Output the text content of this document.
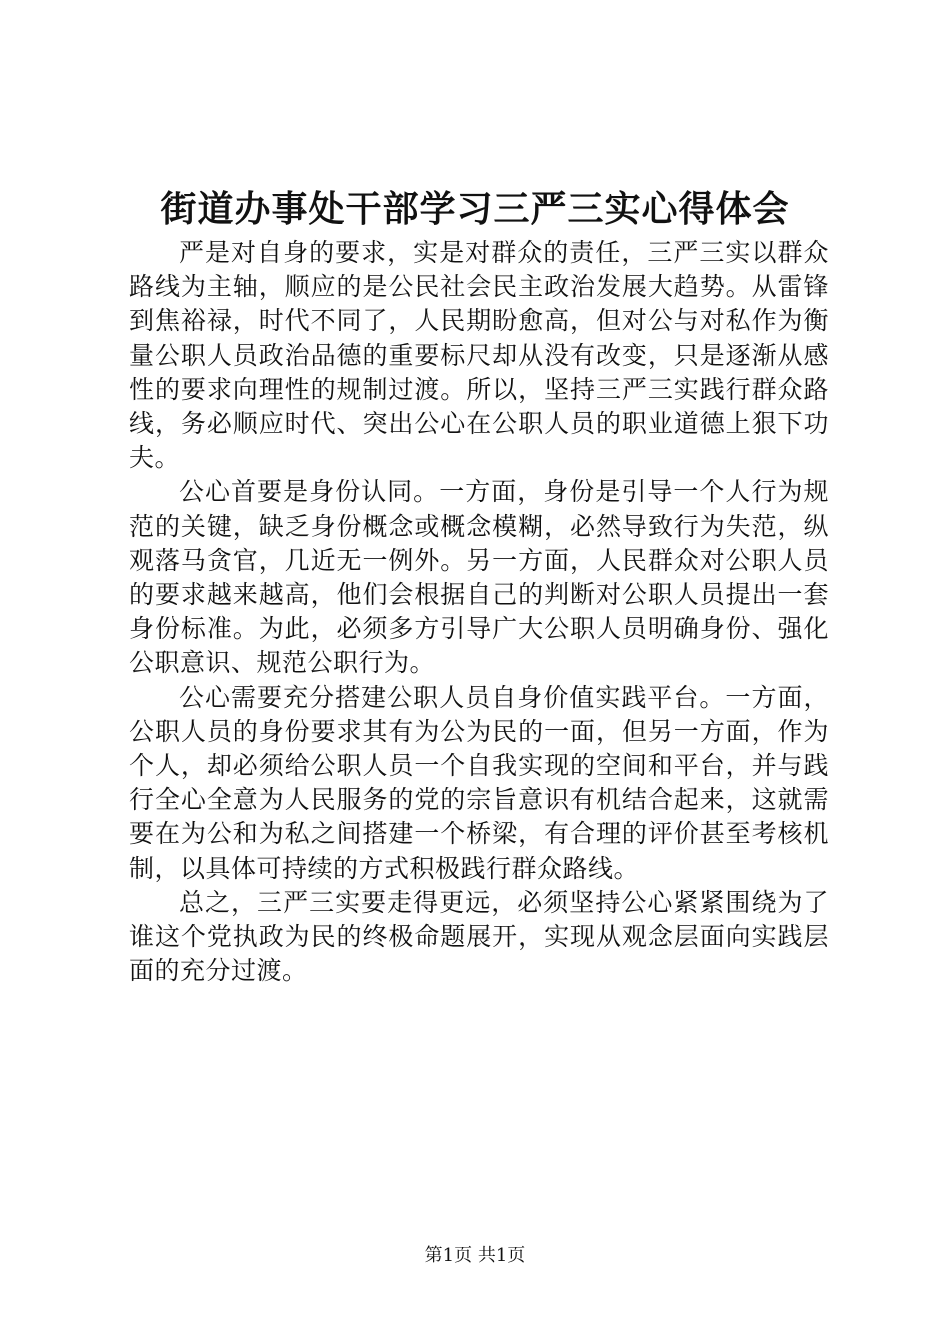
街道办事处干部学习三严三实心得体会

严是对自身的要求，实是对群众的责任，三严三实以群众路线为主轴，顺应的是公民社会民主政治发展大趋势。从雷锋到焦裕禄，时代不同了，人民期盼愈高，但对公与对私作为衡量公职人员政治品德的重要标尺却从没有改变，只是逐渐从感性的要求向理性的规制过渡。所以，坚持三严三实践行群众路线，务必顺应时代、突出公心在公职人员的职业道德上狠下功夫。

公心首要是身份认同。一方面，身份是引导一个人行为规范的关键，缺乏身份概念或概念模糊，必然导致行为失范，纵观落马贪官，几近无一例外。另一方面，人民群众对公职人员的要求越来越高，他们会根据自己的判断对公职人员提出一套身份标准。为此，必须多方引导广大公职人员明确身份、强化公职意识、规范公职行为。

公心需要充分搭建公职人员自身价值实践平台。一方面，公职人员的身份要求其有为公为民的一面，但另一方面，作为个人，却必须给公职人员一个自我实现的空间和平台，并与践行全心全意为人民服务的党的宗旨意识有机结合起来，这就需要在为公和为私之间搭建一个桥梁，有合理的评价甚至考核机制，以具体可持续的方式积极践行群众路线。

总之，三严三实要走得更远，必须坚持公心紧紧围绕为了谁这个党执政为民的终极命题展开，实现从观念层面向实践层面的充分过渡。

第1页 共1页
